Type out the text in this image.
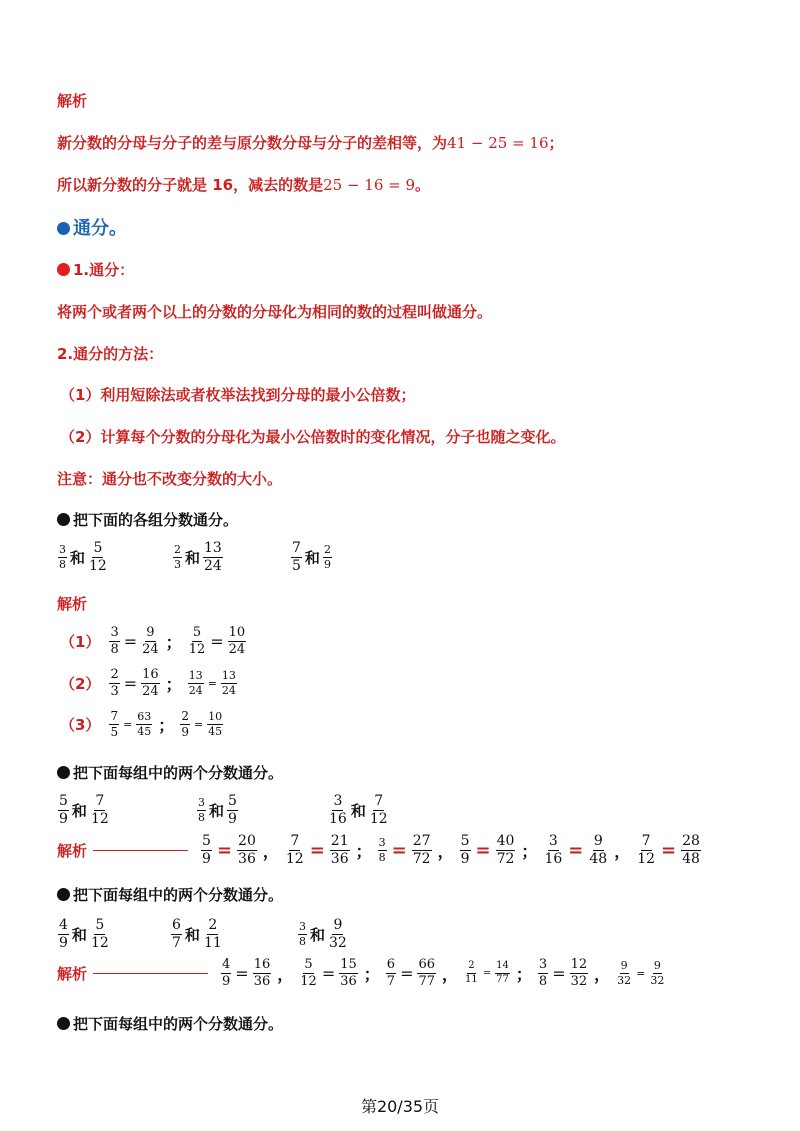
解析
新分数的分母与分子的差与原分数分母与分子的差相等，为41 − 25 = 16；
所以新分数的分子就是 16，减去的数是25 − 16 = 9。
通分。
1.通分：
将两个或者两个以上的分数的分母化为相同的数的过程叫做通分。
2.通分的方法：
（1）利用短除法或者枚举法找到分母的最小公倍数；
（2）计算每个分数的分母化为最小公倍数时的变化情况，分子也随之变化。
注意：通分也不改变分数的大小。
把下面的各组分数通分。
$\frac{3}{8}$ 和 $\frac{5}{12}$	$\frac{2}{3}$ 和 $\frac{13}{24}$	$\frac{7}{5}$ 和 $\frac{2}{9}$
解析
$(1) \frac{3}{8} = \frac{9}{24}$ ； $\frac{5}{12} = \frac{10}{24}$
$(2) \frac{2}{3} = \frac{16}{24}$ ； $\frac{13}{24} = \frac{13}{24}$
$(3) \frac{7}{5} = \frac{63}{45}$ ； $\frac{2}{9} = \frac{10}{45}$
把下面每组中的两个分数通分。
$\frac{5}{9}$ 和 $\frac{7}{12}$	$\frac{3}{8}$ 和 $\frac{5}{9}$	$\frac{3}{16}$ 和 $\frac{7}{12}$
解析	$\frac{5}{9} = \frac{20}{36}$ ， $\frac{7}{12} = \frac{21}{36}$ ； $\frac{3}{8} = \frac{27}{72}$ ， $\frac{5}{9} = \frac{40}{72}$ ； $\frac{3}{16} = \frac{9}{48}$ ， $\frac{7}{12} = \frac{28}{48}$
把下面每组中的两个分数通分。
$\frac{4}{9}$ 和 $\frac{5}{12}$	$\frac{6}{7}$ 和 $\frac{2}{11}$	$\frac{3}{8}$ 和 $\frac{9}{32}$
解析	$\frac{4}{9} = \frac{16}{36}$ ， $\frac{5}{12} = \frac{15}{36}$ ； $\frac{6}{7} = \frac{66}{77}$ ， $\frac{2}{11} = \frac{14}{77}$ ； $\frac{3}{8} = \frac{12}{32}$ ， $\frac{9}{32} = \frac{9}{32}$
把下面每组中的两个分数通分。
第20/35页
